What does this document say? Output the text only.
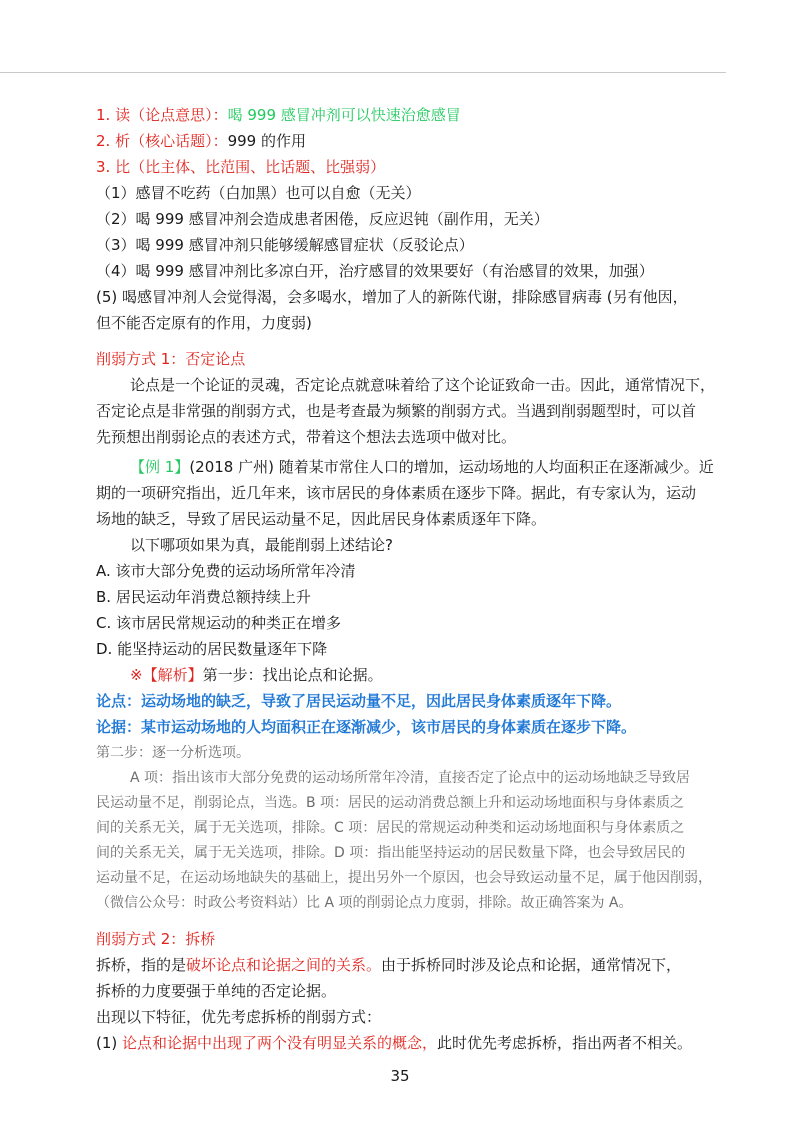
1. 读（论点意思）：喝 999 感冒冲剂可以快速治愈感冒
2. 析（核心话题）：999 的作用
3. 比（比主体、比范围、比话题、比强弱）
（1）感冒不吃药（白加黑）也可以自愈（无关）
（2）喝 999 感冒冲剂会造成患者困倦，反应迟钝（副作用，无关）
（3）喝 999 感冒冲剂只能够缓解感冒症状（反驳论点）
（4）喝 999 感冒冲剂比多凉白开，治疗感冒的效果要好（有治感冒的效果，加强）
(5) 喝感冒冲剂人会觉得渴，会多喝水，增加了人的新陈代谢，排除感冒病毒 (另有他因，
但不能否定原有的作用，力度弱)
削弱方式 1：否定论点
论点是一个论证的灵魂，否定论点就意味着给了这个论证致命一击。因此，通常情况下，
否定论点是非常强的削弱方式，也是考查最为频繁的削弱方式。当遇到削弱题型时，可以首
先预想出削弱论点的表述方式，带着这个想法去选项中做对比。
【例 1】(2018 广州) 随着某市常住人口的增加，运动场地的人均面积正在逐渐减少。近
期的一项研究指出，近几年来，该市居民的身体素质在逐步下降。据此，有专家认为，运动
场地的缺乏，导致了居民运动量不足，因此居民身体素质逐年下降。
以下哪项如果为真，最能削弱上述结论?
A. 该市大部分免费的运动场所常年冷清
B. 居民运动年消费总额持续上升
C. 该市居民常规运动的种类正在增多
D. 能坚持运动的居民数量逐年下降
※【解析】第一步：找出论点和论据。
论点：运动场地的缺乏，导致了居民运动量不足，因此居民身体素质逐年下降。
论据：某市运动场地的人均面积正在逐渐减少，该市居民的身体素质在逐步下降。
第二步：逐一分析选项。
A 项：指出该市大部分免费的运动场所常年冷清，直接否定了论点中的运动场地缺乏导致居
民运动量不足，削弱论点，当选。B 项：居民的运动消费总额上升和运动场地面积与身体素质之
间的关系无关，属于无关选项，排除。C 项：居民的常规运动种类和运动场地面积与身体素质之
间的关系无关，属于无关选项，排除。D 项：指出能坚持运动的居民数量下降，也会导致居民的
运动量不足，在运动场地缺失的基础上，提出另外一个原因，也会导致运动量不足，属于他因削弱，
（微信公众号：时政公考资料站）比 A 项的削弱论点力度弱，排除。故正确答案为 A。
削弱方式 2：拆桥
拆桥，指的是破坏论点和论据之间的关系。由于拆桥同时涉及论点和论据，通常情况下，
拆桥的力度要强于单纯的否定论据。
出现以下特征，优先考虑拆桥的削弱方式：
(1) 论点和论据中出现了两个没有明显关系的概念，此时优先考虑拆桥，指出两者不相关。
35
